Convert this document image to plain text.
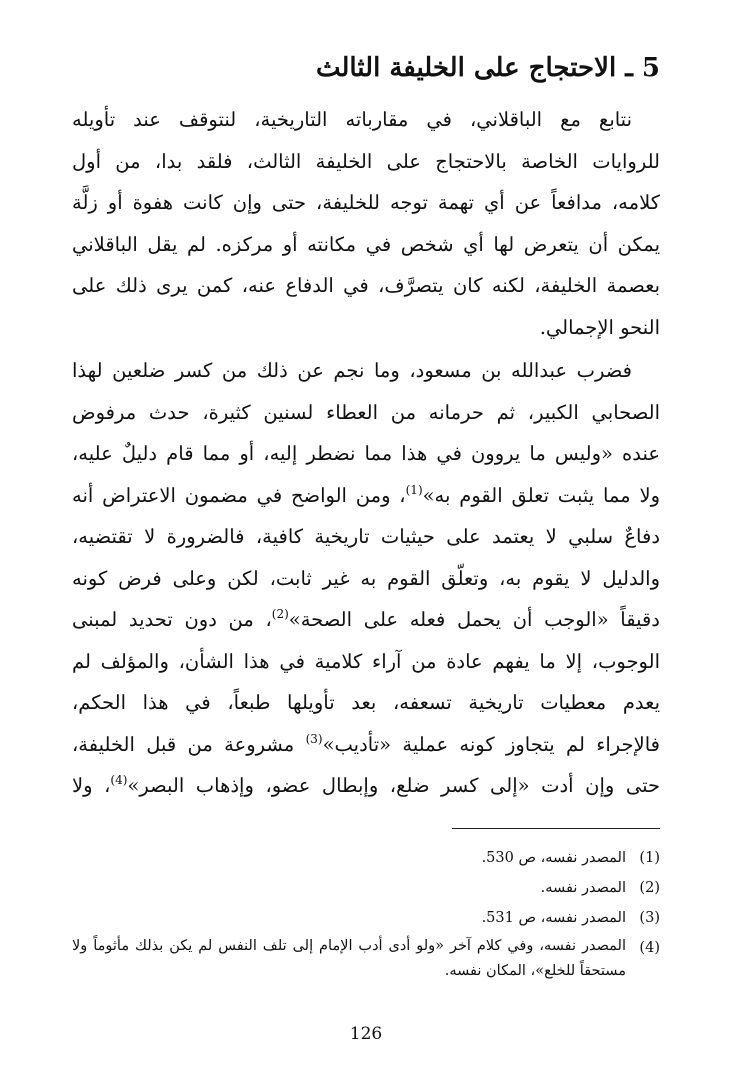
5 ـ الاحتجاج على الخليفة الثالث
نتابع مع الباقلاني، في مقارباته التاريخية، لنتوقف عند تأويله
للروايات الخاصة بالاحتجاج على الخليفة الثالث، فلقد بدا، من أول
كلامه، مدافعاً عن أي تهمة توجه للخليفة، حتى وإن كانت هفوة أو زلَّة
يمكن أن يتعرض لها أي شخص في مكانته أو مركزه. لم يقل الباقلاني
بعصمة الخليفة، لكنه كان يتصرَّف، في الدفاع عنه، كمن يرى ذلك على
النحو الإجمالي.
فضرب عبدالله بن مسعود، وما نجم عن ذلك من كسر ضلعين لهذا
الصحابي الكبير، ثم حرمانه من العطاء لسنين كثيرة، حدث مرفوض
عنده «وليس ما يروون في هذا مما نضطر إليه، أو مما قام دليلٌ عليه،
ولا مما يثبت تعلق القوم به»$^{(1)}$، ومن الواضح في مضمون الاعتراض أنه
دفاعٌ سلبي لا يعتمد على حيثيات تاريخية كافية، فالضرورة لا تقتضيه،
والدليل لا يقوم به، وتعلّق القوم به غير ثابت، لكن وعلى فرض كونه
دقيقاً «الوجب أن يحمل فعله على الصحة»$^{(2)}$، من دون تحديد لمبنى
الوجوب، إلا ما يفهم عادة من آراء كلامية في هذا الشأن، والمؤلف لم
يعدم معطيات تاريخية تسعفه، بعد تأويلها طبعاً، في هذا الحكم،
فالإجراء لم يتجاوز كونه عملية «تأديب»$^{(3)}$ مشروعة من قبل الخليفة،
حتى وإن أدت «إلى كسر ضلع، وإبطال عضو، وإذهاب البصر»$^{(4)}$، ولا
(1)
المصدر نفسه، ص 530.
(2)
المصدر نفسه.
(3)
المصدر نفسه، ص 531.
(4)
المصدر نفسه، وفي كلام آخر «ولو أدى أدب الإمام إلى تلف النفس لم يكن بذلك مأثوماً ولا مستحقاً للخلع»، المكان نفسه.
126
